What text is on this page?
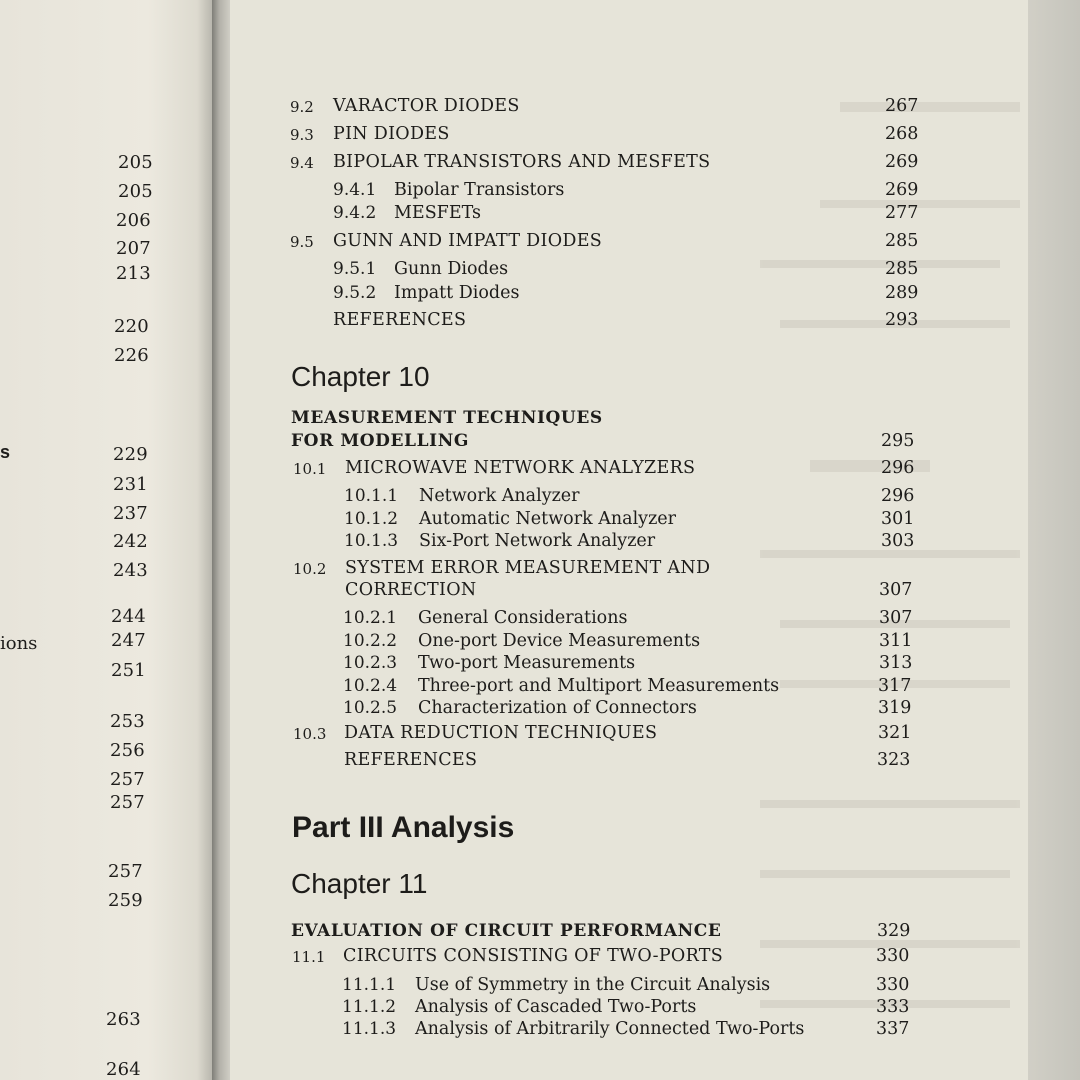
s
ions
205
205
206
207
213
220
226
229
231
237
242
243
244
247
251
253
256
257
257
257
259
263
264
9.2 VARACTOR DIODES	267
9.3 PIN DIODES	268
9.4 BIPOLAR TRANSISTORS AND MESFETS	269
9.4.1 Bipolar Transistors	269
9.4.2 MESFETs	277
9.5 GUNN AND IMPATT DIODES	285
9.5.1 Gunn Diodes	285
9.5.2 Impatt Diodes	289
REFERENCES	293
Chapter 10
MEASUREMENT TECHNIQUES
FOR MODELLING	295
10.1 MICROWAVE NETWORK ANALYZERS	296
10.1.1 Network Analyzer	296
10.1.2 Automatic Network Analyzer	301
10.1.3 Six-Port Network Analyzer	303
10.2 SYSTEM ERROR MEASUREMENT AND
CORRECTION	307
10.2.1 General Considerations	307
10.2.2 One-port Device Measurements	311
10.2.3 Two-port Measurements	313
10.2.4 Three-port and Multiport Measurements	317
10.2.5 Characterization of Connectors	319
10.3 DATA REDUCTION TECHNIQUES	321
REFERENCES	323
Part III Analysis
Chapter 11
EVALUATION OF CIRCUIT PERFORMANCE	329
11.1 CIRCUITS CONSISTING OF TWO-PORTS	330
11.1.1 Use of Symmetry in the Circuit Analysis	330
11.1.2 Analysis of Cascaded Two-Ports	333
11.1.3 Analysis of Arbitrarily Connected Two-Ports	337
